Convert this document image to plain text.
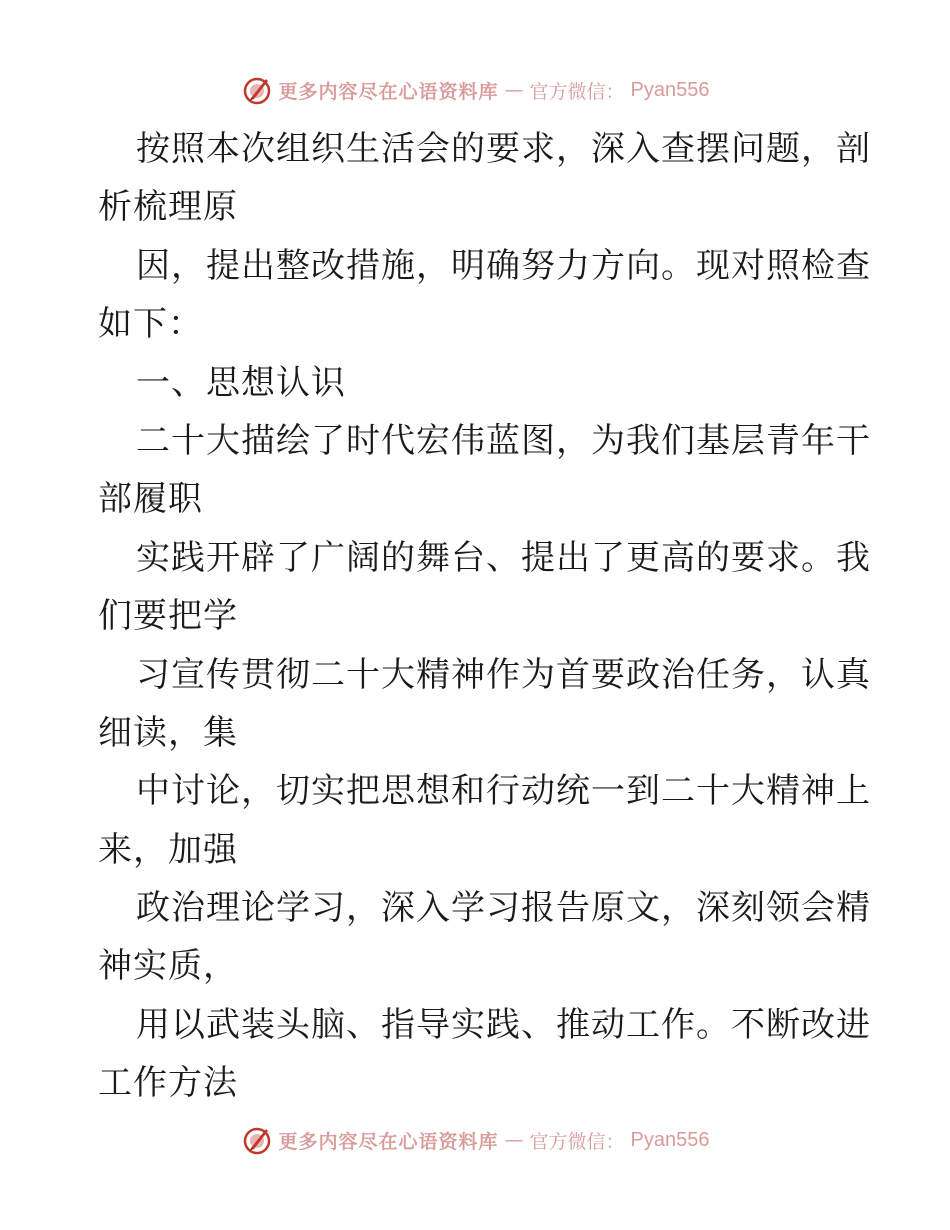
更多内容尽在心语资料库 — 官方微信： Pyan556
按照本次组织生活会的要求，深入查摆问题，剖
析梳理原
因，提出整改措施，明确努力方向。现对照检查
如下：
一、思想认识
二十大描绘了时代宏伟蓝图，为我们基层青年干
部履职
实践开辟了广阔的舞台、提出了更高的要求。我
们要把学
习宣传贯彻二十大精神作为首要政治任务，认真
细读，集
中讨论，切实把思想和行动统一到二十大精神上
来，加强
政治理论学习，深入学习报告原文，深刻领会精
神实质，
用以武装头脑、指导实践、推动工作。不断改进
工作方法
更多内容尽在心语资料库 — 官方微信： Pyan556
